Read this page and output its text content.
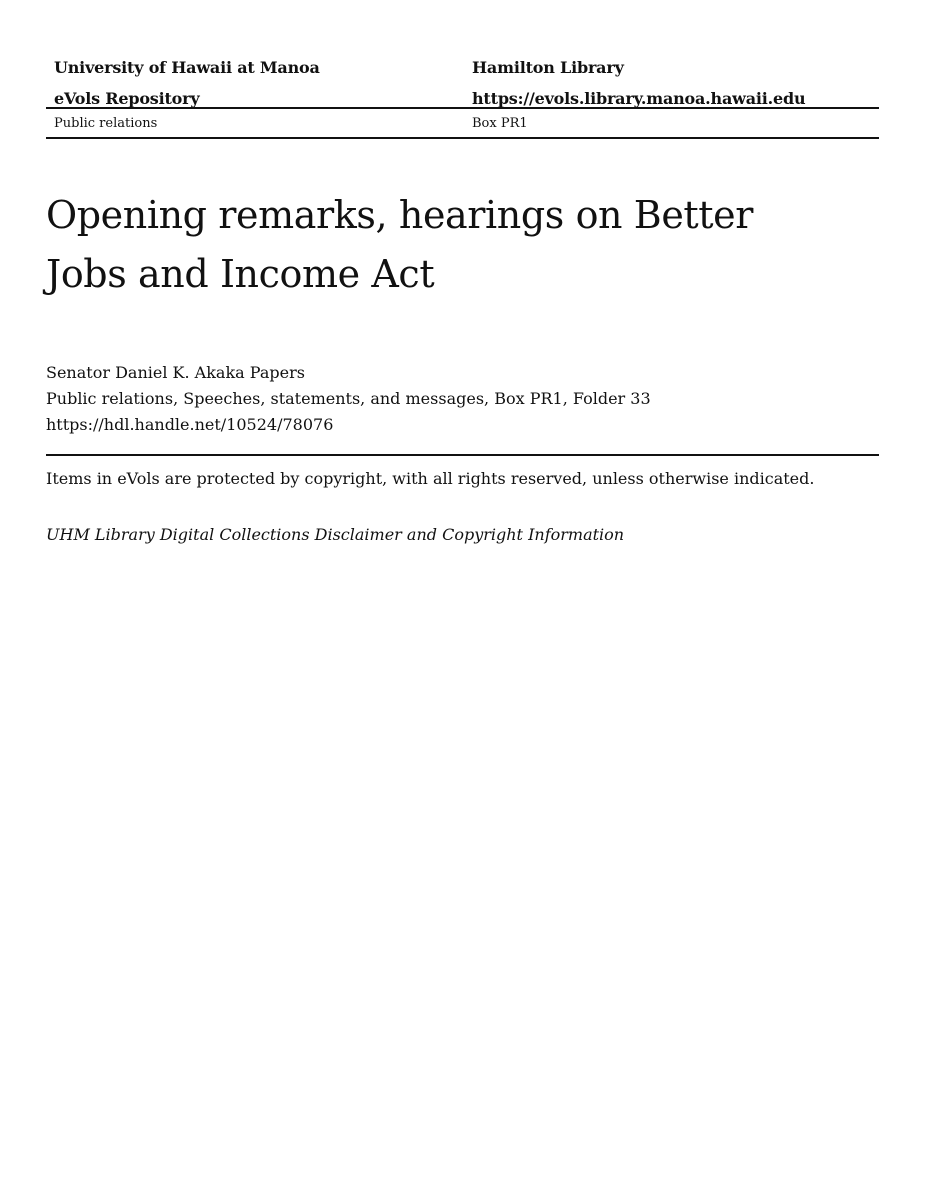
University of Hawaii at Manoa	Hamilton Library
eVols Repository	https://evols.library.manoa.hawaii.edu
Public relations	Box PR1
Opening remarks, hearings on Better
Jobs and Income Act
Senator Daniel K. Akaka Papers
Public relations, Speeches, statements, and messages, Box PR1, Folder 33
https://hdl.handle.net/10524/78076
Items in eVols are protected by copyright, with all rights reserved, unless otherwise indicated.
UHM Library Digital Collections Disclaimer and Copyright Information
